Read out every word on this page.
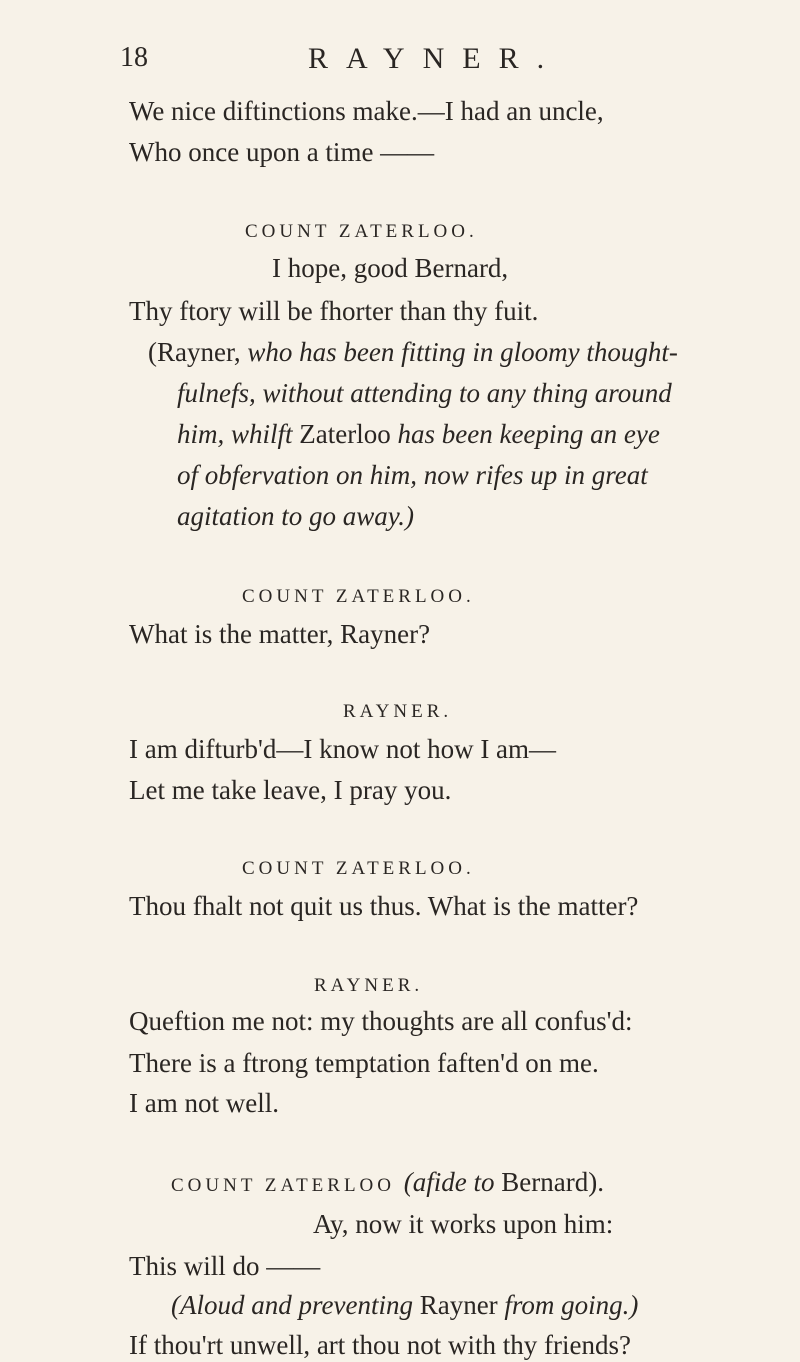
18	RAYNER.
We nice diftinctions make.—I had an uncle,
Who once upon a time ——
COUNT ZATERLOO.
I hope, good Bernard,
Thy ftory will be fhorter than thy fuit.
(Rayner, who has been fitting in gloomy thought-
fulnefs, without attending to any thing around
him, whilft Zaterloo has been keeping an eye
of obfervation on him, now rifes up in great
agitation to go away.)
COUNT ZATERLOO.
What is the matter, Rayner?
RAYNER.
I am difturb'd—I know not how I am—
Let me take leave, I pray you.
COUNT ZATERLOO.
Thou fhalt not quit us thus. What is the matter?
RAYNER.
Queftion me not: my thoughts are all confus'd:
There is a ftrong temptation faften'd on me.
I am not well.
COUNT ZATERLOO (afide to Bernard).
Ay, now it works upon him:
This will do ——
(Aloud and preventing Rayner from going.)
If thou'rt unwell, art thou not with thy friends?
